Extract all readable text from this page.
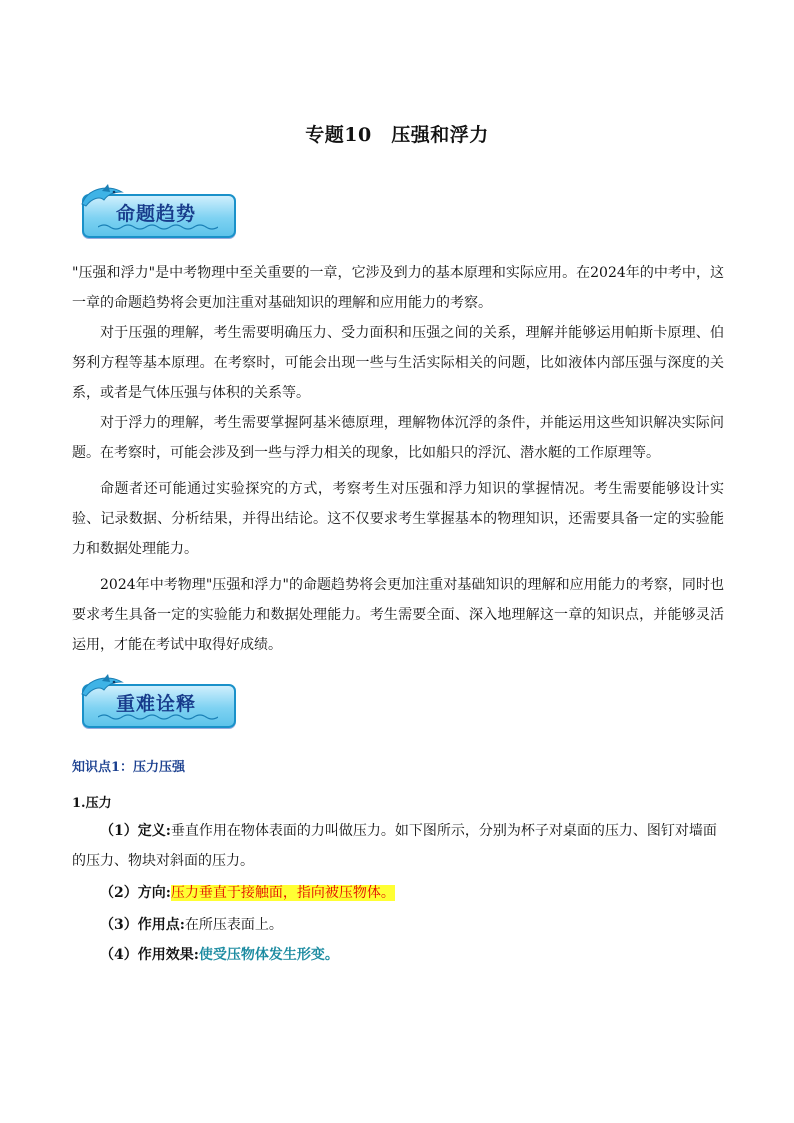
专题10　压强和浮力
命题趋势

"压强和浮力"是中考物理中至关重要的一章，它涉及到力的基本原理和实际应用。在2024年的中考中，这一章的命题趋势将会更加注重对基础知识的理解和应用能力的考察。

对于压强的理解，考生需要明确压力、受力面积和压强之间的关系，理解并能够运用帕斯卡原理、伯努利方程等基本原理。在考察时，可能会出现一些与生活实际相关的问题，比如液体内部压强与深度的关系，或者是气体压强与体积的关系等。

对于浮力的理解，考生需要掌握阿基米德原理，理解物体沉浮的条件，并能运用这些知识解决实际问题。在考察时，可能会涉及到一些与浮力相关的现象，比如船只的浮沉、潜水艇的工作原理等。

命题者还可能通过实验探究的方式，考察考生对压强和浮力知识的掌握情况。考生需要能够设计实验、记录数据、分析结果，并得出结论。这不仅要求考生掌握基本的物理知识，还需要具备一定的实验能力和数据处理能力。

2024年中考物理"压强和浮力"的命题趋势将会更加注重对基础知识的理解和应用能力的考察，同时也要求考生具备一定的实验能力和数据处理能力。考生需要全面、深入地理解这一章的知识点，并能够灵活运用，才能在考试中取得好成绩。

重难诠释
知识点1：压力压强
1.压力

（1）定义:垂直作用在物体表面的力叫做压力。如下图所示，分别为杯子对桌面的压力、图钉对墙面的压力、物块对斜面的压力。

（2）方向:压力垂直于接触面，指向被压物体。

（3）作用点:在所压表面上。

（4）作用效果:使受压物体发生形变。
